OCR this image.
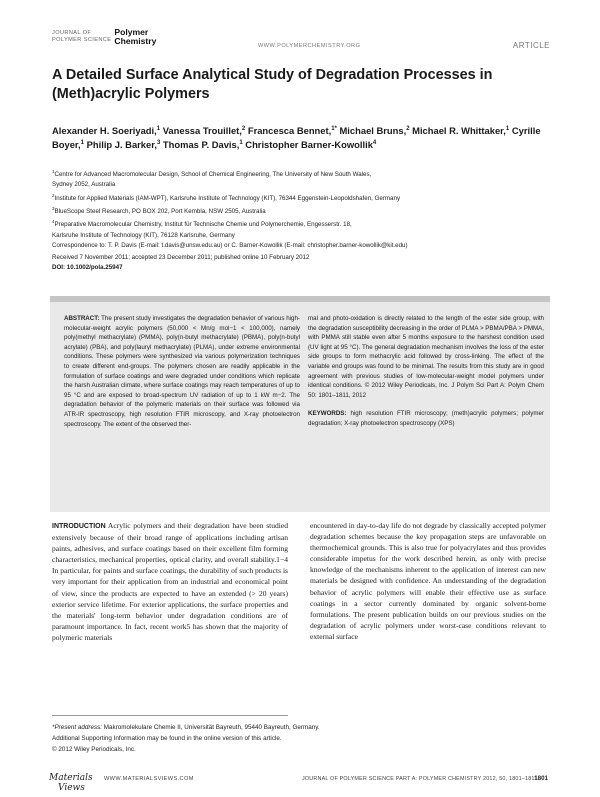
JOURNAL OF
POLYMER SCIENCE
Polymer
Chemistry
WWW.POLYMERCHEMISTRY.ORG	ARTICLE
A Detailed Surface Analytical Study of Degradation Processes in (Meth)acrylic Polymers
Alexander H. Soeriyadi,$^1$ Vanessa Trouillet,$^2$ Francesca Bennet,$^{1*}$ Michael Bruns,$^2$ Michael R. Whittaker,$^1$ Cyrille Boyer,$^1$ Philip J. Barker,$^3$ Thomas P. Davis,$^1$ Christopher Barner-Kowollik$^4$
$^1$Centre for Advanced Macromolecular Design, School of Chemical Engineering, The University of New South Wales,
Sydney 2052, Australia
$^2$Institute for Applied Materials (IAM-WPT), Karlsruhe Institute of Technology (KIT), 76344 Eggenstein-Leopoldshafen, Germany
$^3$BlueScope Steel Research, PO BOX 202, Port Kembla, NSW 2505, Australia
$^4$Preparative Macromolecular Chemistry, Institut für Technische Chemie und Polymerchemie, Engesserstr. 18,
Karlsruhe Institute of Technology (KIT), 76128 Karlsruhe, Germany
Correspondence to: T. P. Davis (E-mail: t.davis@unsw.edu.au) or C. Barner-Kowollik (E-mail: christopher.barner-kowollik@kit.edu)
Received 7 November 2011; accepted 23 December 2011; published online 10 February 2012
DOI: 10.1002/pola.25947
ABSTRACT: The present study investigates the degradation behavior of various high-molecular-weight acrylic polymers (50,000 < Mn/g mol−1 < 100,000), namely poly(methyl methacrylate) (PMMA), poly(n-butyl methacrylate) (PBMA), poly(n-butyl acrylate) (PBA), and poly(lauryl methacrylate) (PLMA), under extreme environmental conditions. These polymers were synthesized via various polymerization techniques to create different end-groups. The polymers chosen are readily applicable in the formulation of surface coatings and were degraded under conditions which replicate the harsh Australian climate, where surface coatings may reach temperatures of up to 95 °C and are exposed to broad-spectrum UV radiation of up to 1 kW m−2. The degradation behavior of the polymeric materials on their surface was followed via ATR-IR spectroscopy, high resolution FTIR microscopy, and X-ray photoelectron spectroscopy. The extent of the observed ther-
mal and photo-oxidation is directly related to the length of the ester side group, with the degradation susceptibility decreasing in the order of PLMA > PBMA/PBA > PMMA, with PMMA still stable even after 5 months exposure to the harshest condition used (UV light at 95 °C). The general degradation mechanism involves the loss of the ester side groups to form methacrylic acid followed by cross-linking. The effect of the variable end groups was found to be minimal. The results from this study are in good agreement with previous studies of low-molecular-weight model polymers under identical conditions. © 2012 Wiley Periodicals, Inc. J Polym Sci Part A: Polym Chem 50: 1801–1811, 2012
KEYWORDS: high resolution FTIR microscopy; (meth)acrylic polymers; polymer degradation; X-ray photoelectron spectroscopy (XPS)
INTRODUCTION Acrylic polymers and their degradation have been studied extensively because of their broad range of applications including artisan paints, adhesives, and surface coatings based on their excellent film forming characteristics, mechanical properties, optical clarity, and overall stability.1−4 In particular, for paints and surface coatings, the durability of such products is very important for their application from an industrial and economical point of view, since the products are expected to have an extended (> 20 years) exterior service lifetime. For exterior applications, the surface properties and the materials' long-term behavior under degradation conditions are of paramount importance. In fact, recent work5 has shown that the majority of polymeric materials
encountered in day-to-day life do not degrade by classically accepted polymer degradation schemes because the key propagation steps are unfavorable on thermochemical grounds. This is also true for polyacrylates and thus provides considerable impetus for the work described herein, as only with precise knowledge of the mechanisms inherent to the application of interest can new materials be designed with confidence. An understanding of the degradation behavior of acrylic polymers will enable their effective use as surface coatings in a sector currently dominated by organic solvent-borne formulations. The present publication builds on our previous studies on the degradation of acrylic polymers under worst-case conditions relevant to external surface
*Present address: Makromolekulare Chemie II, Universität Bayreuth, 95440 Bayreuth, Germany.
Additional Supporting Information may be found in the online version of this article.
© 2012 Wiley Periodicals, Inc.
Materials
Views
WWW.MATERIALSVIEWS.COM	JOURNAL OF POLYMER SCIENCE PART A: POLYMER CHEMISTRY 2012, 50, 1801–1811
1801
